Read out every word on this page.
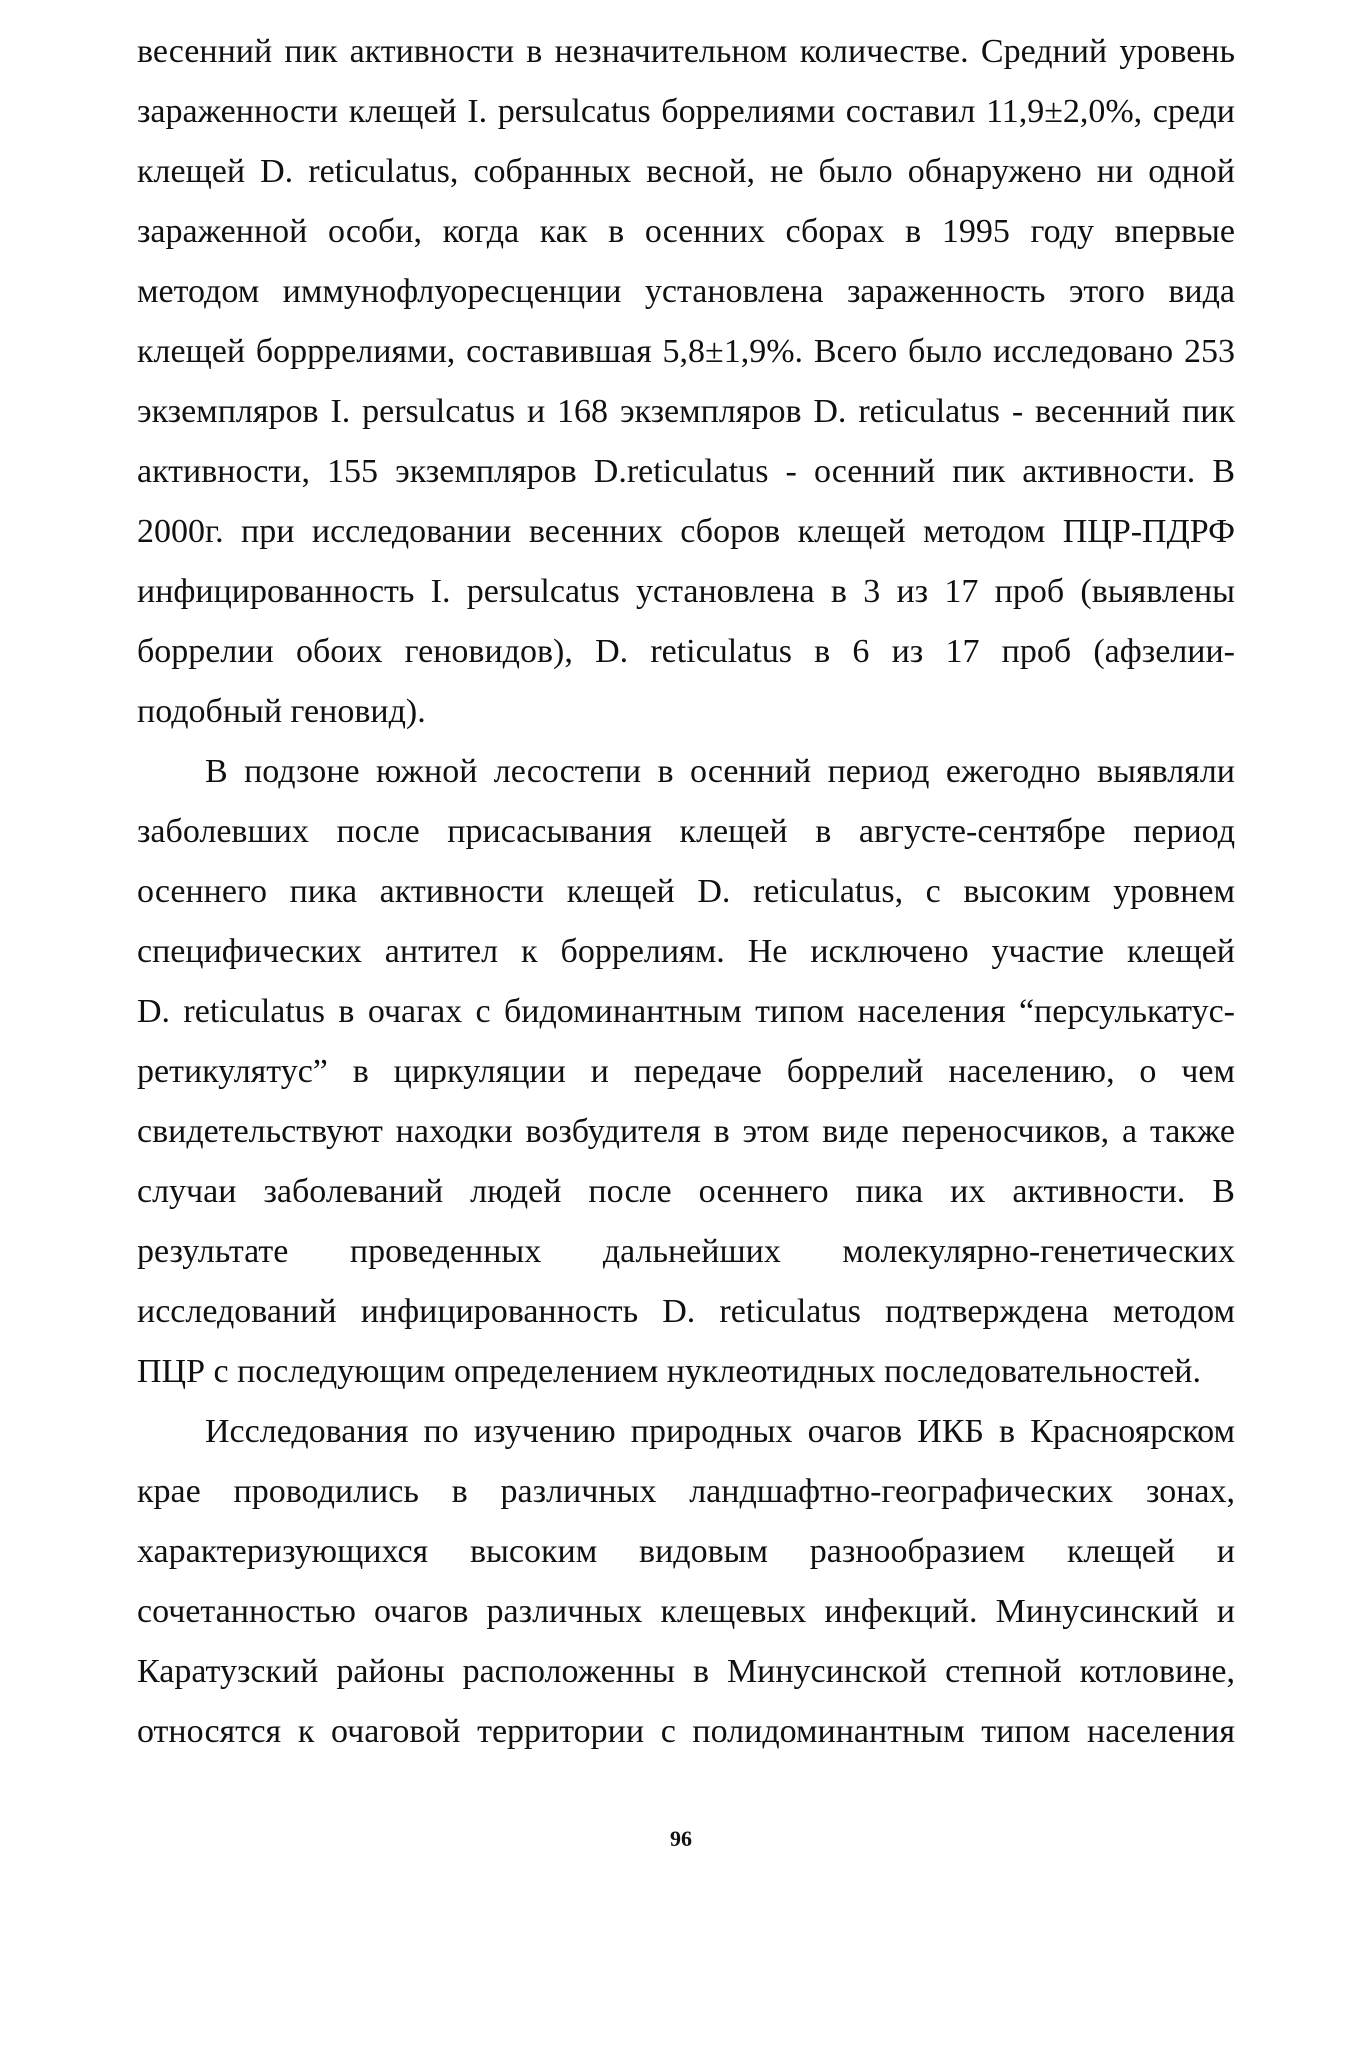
весенний пик активности в незначительном количестве. Средний уровень
зараженности клещей I. persulcatus боррелиями составил 11,9±2,0%, среди
клещей D. reticulatus, собранных весной, не было обнаружено ни одной
зараженной особи, когда как в осенних сборах в 1995 году впервые
методом иммунофлуоресценции установлена зараженность этого вида
клещей борррелиями, составившая 5,8±1,9%. Всего было исследовано 253
экземпляров I. persulcatus и 168 экземпляров D. reticulatus - весенний пик
активности, 155 экземпляров D.reticulatus - осенний пик активности. В
2000г. при исследовании весенних сборов клещей методом ПЦР-ПДРФ
инфицированность I. persulcatus установлена в 3 из 17 проб (выявлены
боррелии обоих геновидов), D. reticulatus в 6 из 17 проб (афзелии-
подобный геновид).
В подзоне южной лесостепи в осенний период ежегодно выявляли
заболевших после присасывания клещей в августе-сентябре период
осеннего пика активности клещей D. reticulatus, с высоким уровнем
специфических антител к боррелиям. Не исключено участие клещей
D. reticulatus в очагах с бидоминантным типом населения “персулькатус-
ретикулятус” в циркуляции и передаче боррелий населению, о чем
свидетельствуют находки возбудителя в этом виде переносчиков, а также
случаи заболеваний людей после осеннего пика их активности. В
результате проведенных дальнейших молекулярно-генетических
исследований инфицированность D. reticulatus подтверждена методом
ПЦР с последующим определением нуклеотидных последовательностей.
Исследования по изучению природных очагов ИКБ в Красноярском
крае проводились в различных ландшафтно-географических зонах,
характеризующихся высоким видовым разнообразием клещей и
сочетанностью очагов различных клещевых инфекций. Минусинский и
Каратузский районы расположенны в Минусинской степной котловине,
относятся к очаговой территории с полидоминантным типом населения
96
